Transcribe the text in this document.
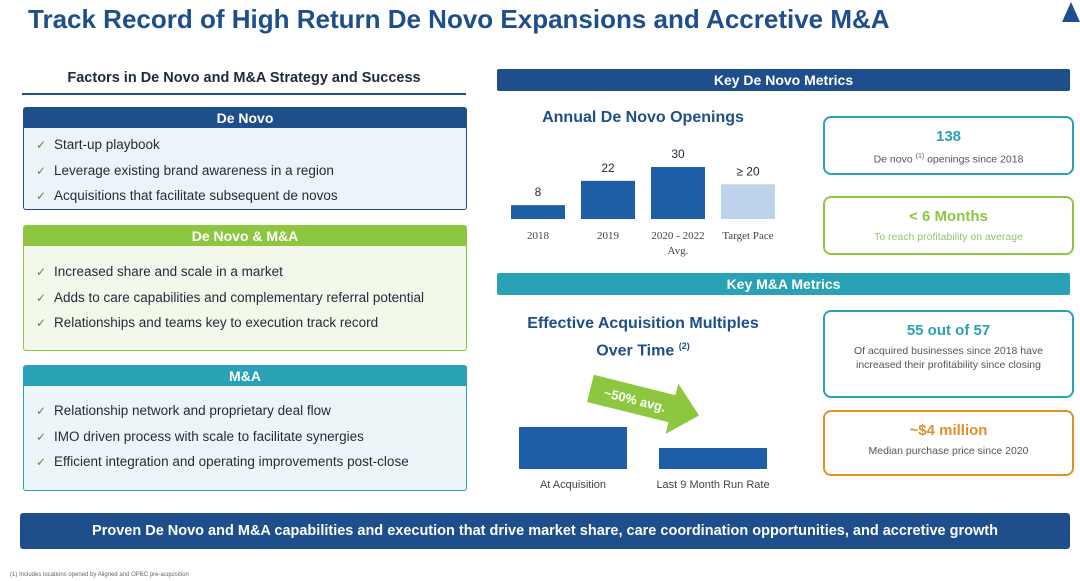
Track Record of High Return De Novo Expansions and Accretive M&A
Factors in De Novo and M&A Strategy and Success
De Novo
✓ Start-up playbook
✓ Leverage existing brand awareness in a region
✓ Acquisitions that facilitate subsequent de novos
De Novo & M&A
✓ Increased share and scale in a market
✓ Adds to care capabilities and complementary referral potential
✓ Relationships and teams key to execution track record
M&A
✓ Relationship network and proprietary deal flow
✓ IMO driven process with scale to facilitate synergies
✓ Efficient integration and operating improvements post-close
Key De Novo Metrics
Annual De Novo Openings
8
2018
22
2019
30
2020 - 2022
Avg.
≥ 20
Target Pace
138
De novo $^{(1)}$ openings since 2018
< 6 Months
To reach profitability on average
Key M&A Metrics
Effective Acquisition Multiples
Over Time $^{(2)}$
At Acquisition	Last 9 Month Run Rate
~50% avg.
55 out of 57
Of acquired businesses since 2018 have increased their profitability since closing
~$4 million
Median purchase price since 2020
Proven De Novo and M&A capabilities and execution that drive market share, care coordination opportunities, and accretive growth
(1) Includes locations opened by Aligned and OPBC pre-acquisition
